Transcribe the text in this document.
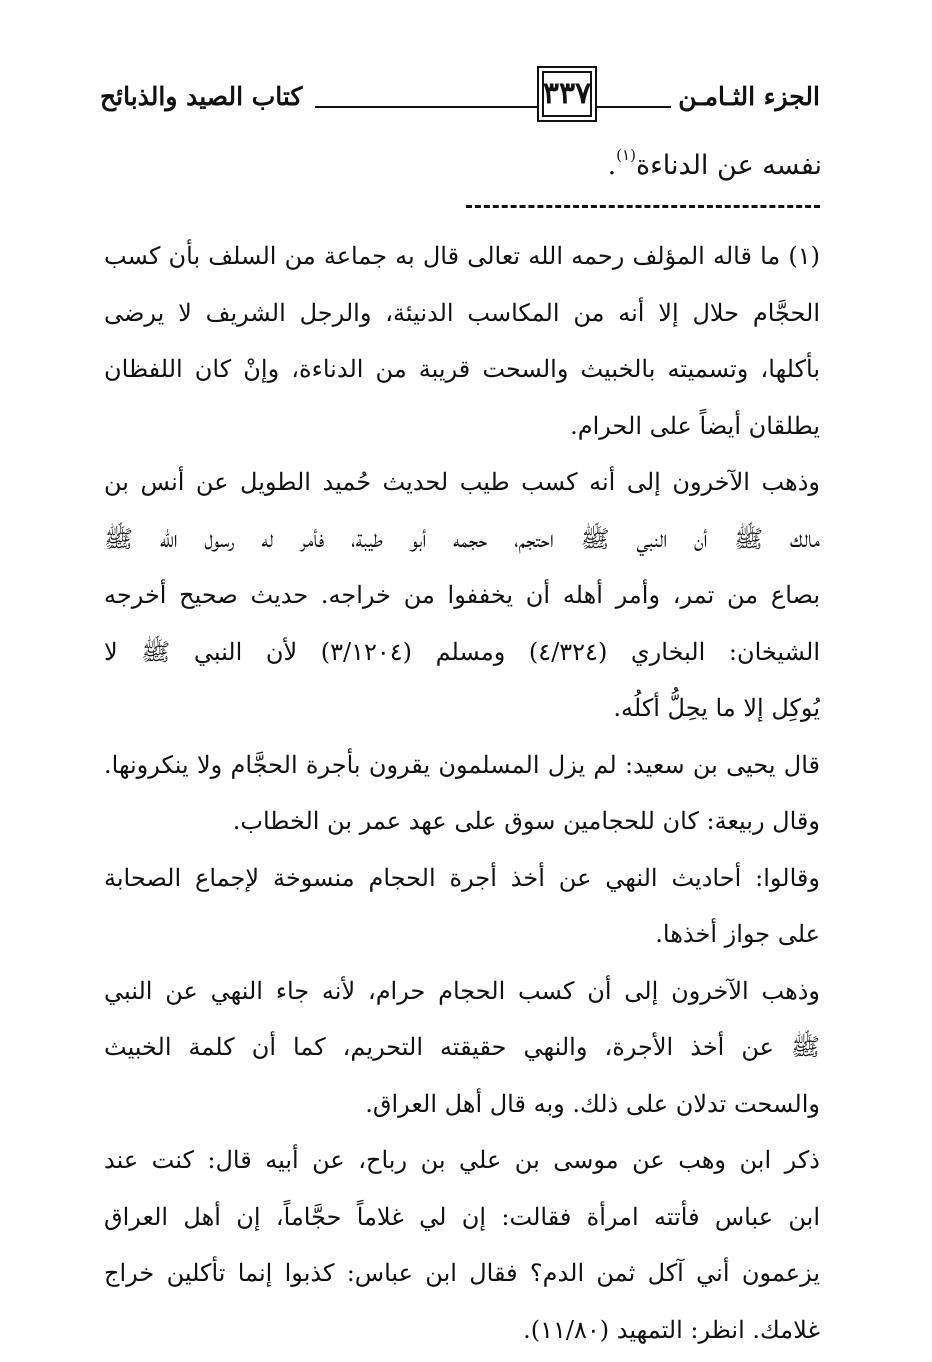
الجزء الثـامـن
٣٣٧
كتاب الصيد والذبائح
نفسه عن الدناءة$^{(١)}$.
(١) ما قاله المؤلف رحمه الله تعالى قال به جماعة من السلف بأن كسب
الحجَّام حلال إلا أنه من المكاسب الدنيئة، والرجل الشريف لا يرضى
بأكلها، وتسميته بالخبيث والسحت قريبة من الدناءة، وإنْ كان اللفظان
يطلقان أيضاً على الحرام.
وذهب الآخرون إلى أنه كسب طيب لحديث حُميد الطويل عن أنس بن
مالك ﷺ أن النبي ﷺ احتجم، حجمه أبو طيبة، فأمر له رسول الله ﷺ
بصاع من تمر، وأمر أهله أن يخففوا من خراجه. حديث صحيح أخرجه
الشيخان: البخاري (٤/٣٢٤) ومسلم (٣/١٢٠٤) لأن النبي ﷺ لا
يُوكِل إلا ما يحِلُّ أكلُه.
قال يحيى بن سعيد: لم يزل المسلمون يقرون بأجرة الحجَّام ولا ينكرونها.
وقال ربيعة: كان للحجامين سوق على عهد عمر بن الخطاب.
وقالوا: أحاديث النهي عن أخذ أجرة الحجام منسوخة لإجماع الصحابة
على جواز أخذها.
وذهب الآخرون إلى أن كسب الحجام حرام، لأنه جاء النهي عن النبي
ﷺ عن أخذ الأجرة، والنهي حقيقته التحريم، كما أن كلمة الخبيث
والسحت تدلان على ذلك. وبه قال أهل العراق.
ذكر ابن وهب عن موسى بن علي بن رباح، عن أبيه قال: كنت عند
ابن عباس فأتته امرأة فقالت: إن لي غلاماً حجَّاماً، إن أهل العراق
يزعمون أني آكل ثمن الدم؟ فقال ابن عباس: كذبوا إنما تأكلين خراج
غلامك. انظر: التمهيد (١١/٨٠).
